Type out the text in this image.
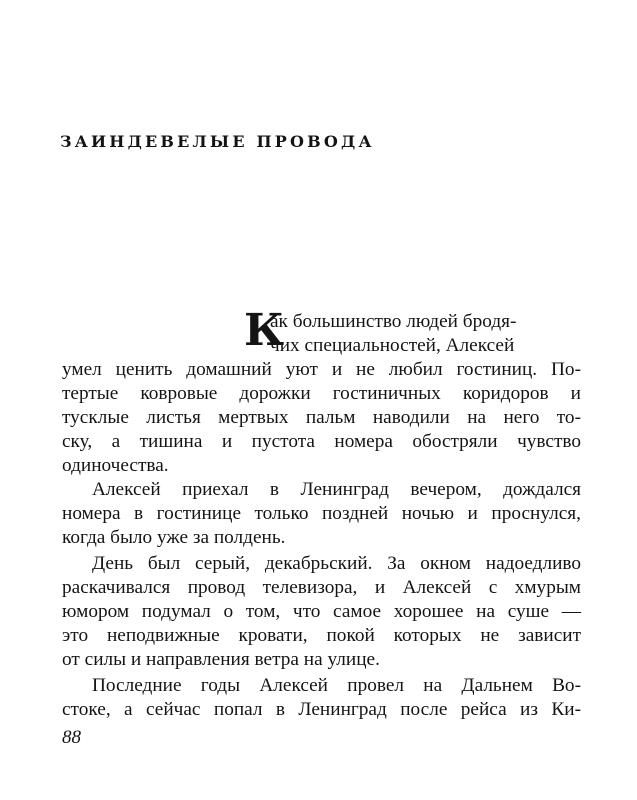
ЗАИНДЕВЕЛЫЕ ПРОВОДА
К

ак большинство людей бродя-

чих специальностей, Алексей

умел ценить домашний уют и не любил гостиниц. По-

тертые ковровые дорожки гостиничных коридоров и

тусклые листья мертвых пальм наводили на него то-

ску, а тишина и пустота номера обостряли чувство

одиночества.

Алексей приехал в Ленинград вечером, дождался

номера в гостинице только поздней ночью и проснулся,

когда было уже за полдень.

День был серый, декабрьский. За окном надоедливо

раскачивался провод телевизора, и Алексей с хмурым

юмором подумал о том, что самое хорошее на суше —

это неподвижные кровати, покой которых не зависит

от силы и направления ветра на улице.

Последние годы Алексей провел на Дальнем Во-

стоке, а сейчас попал в Ленинград после рейса из Ки-

88
